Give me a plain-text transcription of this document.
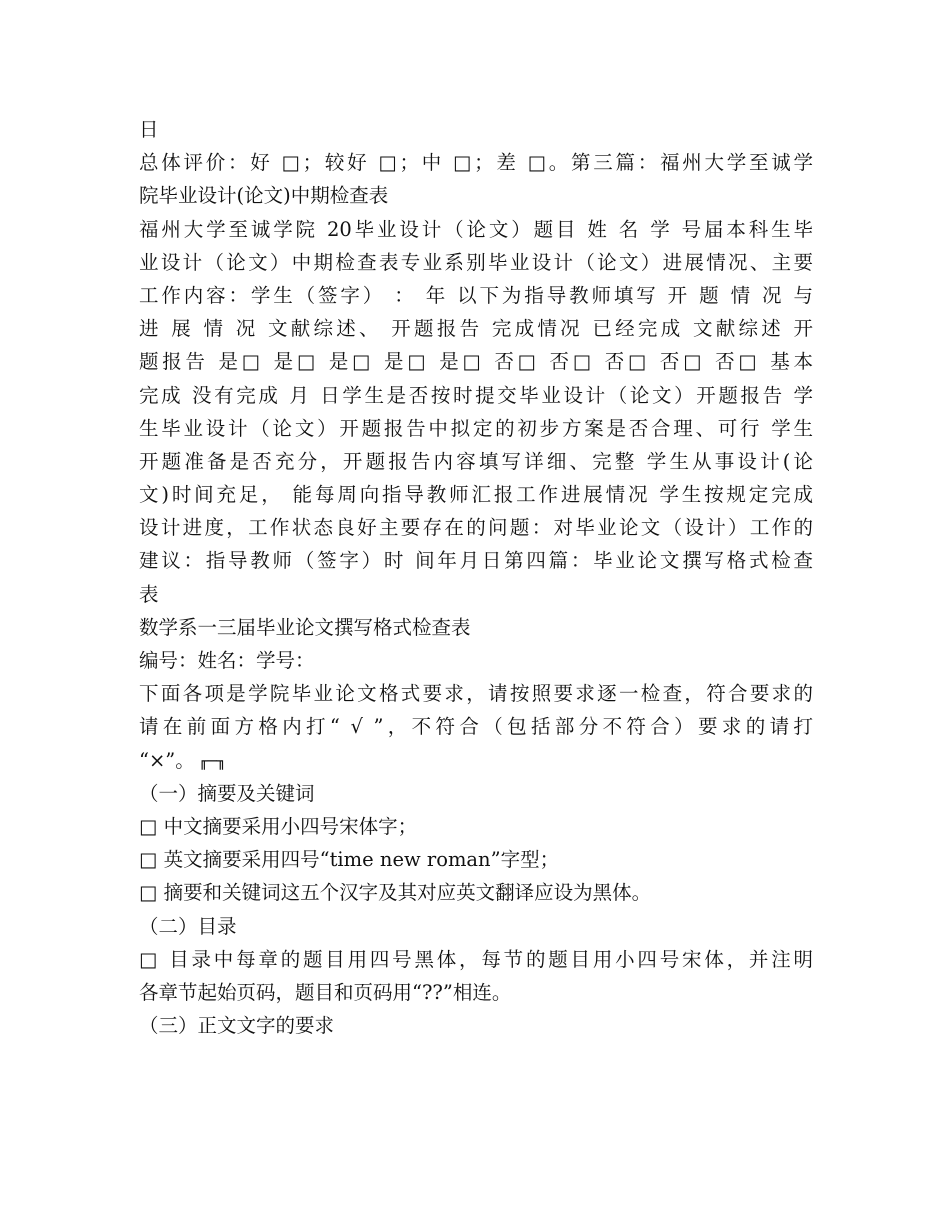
日
总体评价：好 □；较好 □；中 □；差 □。第三篇：福州大学至诚学
院毕业设计(论文)中期检查表
福州大学至诚学院 20毕业设计（论文）题目 姓 名 学 号届本科生毕
业设计（论文）中期检查表专业系别毕业设计（论文）进展情况、主要
工作内容：学生（签字） ： 年 以下为指导教师填写 开 题 情 况 与
进 展 情 况 文献综述、 开题报告 完成情况 已经完成 文献综述 开
题报告 是□ 是□ 是□ 是□ 是□ 否□ 否□ 否□ 否□ 否□ 基本
完成 没有完成 月 日学生是否按时提交毕业设计（论文）开题报告 学
生毕业设计（论文）开题报告中拟定的初步方案是否合理、可行 学生
开题准备是否充分，开题报告内容填写详细、完整 学生从事设计(论
文)时间充足， 能每周向指导教师汇报工作进展情况 学生按规定完成
设计进度，工作状态良好主要存在的问题：对毕业论文（设计）工作的
建议：指导教师（签字）时 间年月日第四篇：毕业论文撰写格式检查
表
数学系一三届毕业论文撰写格式检查表
编号：姓名：学号：
下面各项是学院毕业论文格式要求，请按照要求逐一检查，符合要求的
请在前面方格内打“ √ ”，不符合（包括部分不符合）要求的请打
“×”。 ╓─╖
（一）摘要及关键词
□ 中文摘要采用小四号宋体字；
□ 英文摘要采用四号“time new roman”字型；
□ 摘要和关键词这五个汉字及其对应英文翻译应设为黑体。
（二）目录
□ 目录中每章的题目用四号黑体，每节的题目用小四号宋体，并注明
各章节起始页码，题目和页码用“??”相连。
（三）正文文字的要求
